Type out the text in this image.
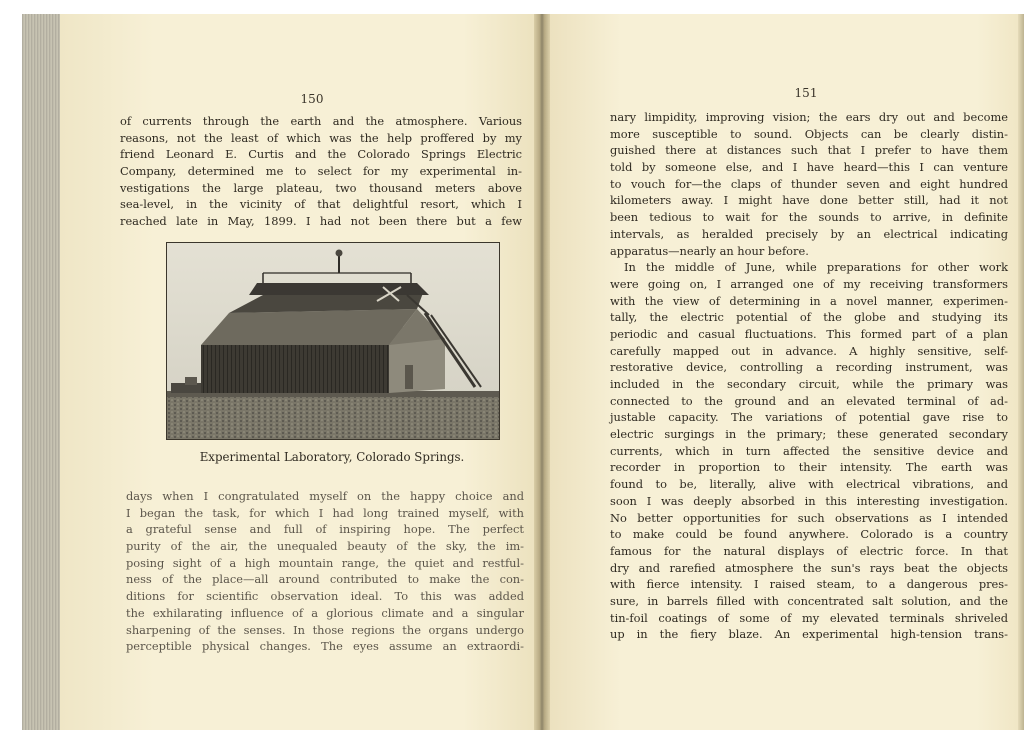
150
of currents through the earth and the atmosphere. Various
reasons, not the least of which was the help proffered by my
friend Leonard E. Curtis and the Colorado Springs Electric
Company, determined me to select for my experimental in-
vestigations the large plateau, two thousand meters above
sea-level, in the vicinity of that delightful resort, which I
reached late in May, 1899. I had not been there but a few
Experimental Laboratory, Colorado Springs.
days when I congratulated myself on the happy choice and
I began the task, for which I had long trained myself, with
a grateful sense and full of inspiring hope. The perfect
purity of the air, the unequaled beauty of the sky, the im-
posing sight of a high mountain range, the quiet and restful-
ness of the place—all around contributed to make the con-
ditions for scientific observation ideal. To this was added
the exhilarating influence of a glorious climate and a singular
sharpening of the senses. In those regions the organs undergo
perceptible physical changes. The eyes assume an extraordi-
151
nary limpidity, improving vision; the ears dry out and become
more susceptible to sound. Objects can be clearly distin-
guished there at distances such that I prefer to have them
told by someone else, and I have heard—this I can venture
to vouch for—the claps of thunder seven and eight hundred
kilometers away. I might have done better still, had it not
been tedious to wait for the sounds to arrive, in definite
intervals, as heralded precisely by an electrical indicating
apparatus—nearly an hour before.
In the middle of June, while preparations for other work
were going on, I arranged one of my receiving transformers
with the view of determining in a novel manner, experimen-
tally, the electric potential of the globe and studying its
periodic and casual fluctuations. This formed part of a plan
carefully mapped out in advance. A highly sensitive, self-
restorative device, controlling a recording instrument, was
included in the secondary circuit, while the primary was
connected to the ground and an elevated terminal of ad-
justable capacity. The variations of potential gave rise to
electric surgings in the primary; these generated secondary
currents, which in turn affected the sensitive device and
recorder in proportion to their intensity. The earth was
found to be, literally, alive with electrical vibrations, and
soon I was deeply absorbed in this interesting investigation.
No better opportunities for such observations as I intended
to make could be found anywhere. Colorado is a country
famous for the natural displays of electric force. In that
dry and rarefied atmosphere the sun's rays beat the objects
with fierce intensity. I raised steam, to a dangerous pres-
sure, in barrels filled with concentrated salt solution, and the
tin-foil coatings of some of my elevated terminals shriveled
up in the fiery blaze. An experimental high-tension trans-
